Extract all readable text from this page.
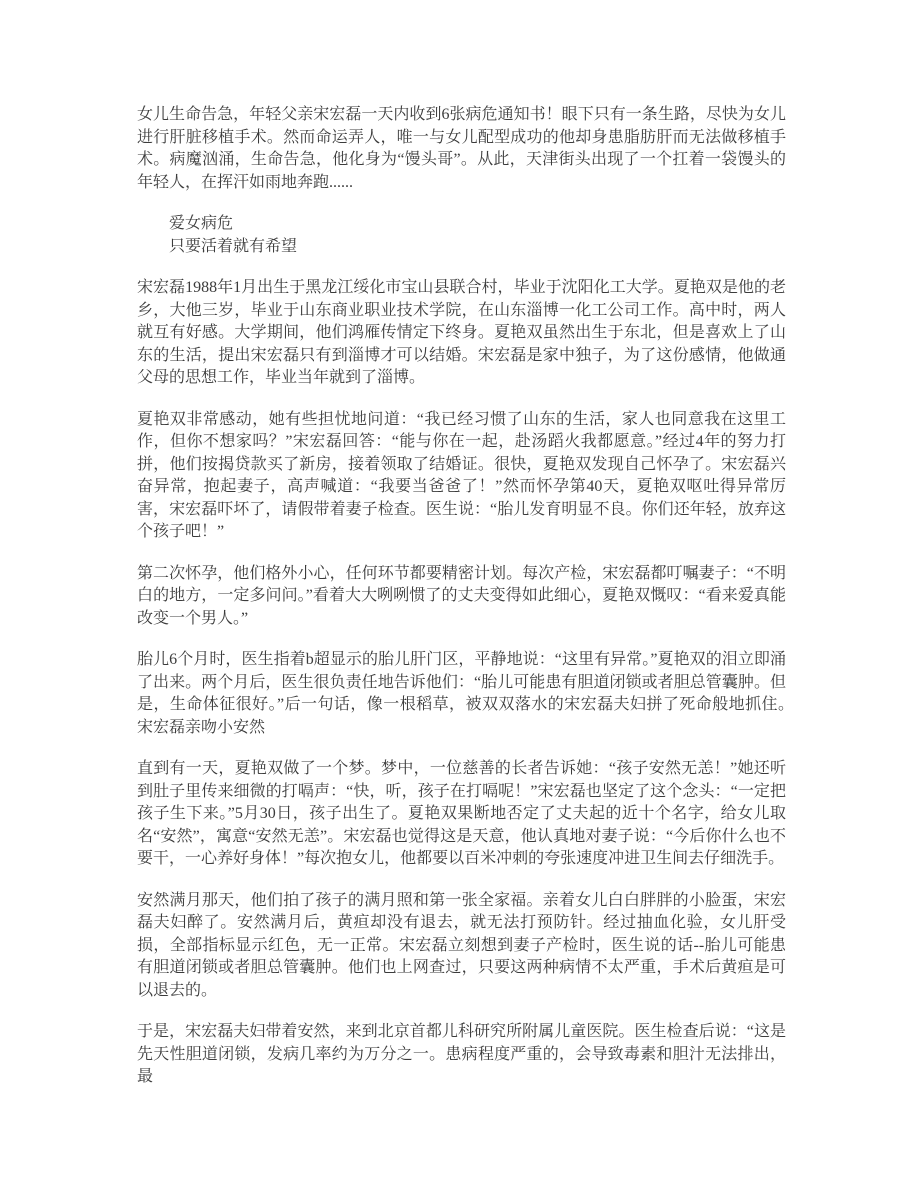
女儿生命告急，年轻父亲宋宏磊一天内收到6张病危通知书！眼下只有一条生路，尽快为女儿进行肝脏移植手术。然而命运弄人，唯一与女儿配型成功的他却身患脂肪肝而无法做移植手术。病魔汹涌，生命告急，他化身为“馒头哥”。从此，天津街头出现了一个扛着一袋馒头的年轻人，在挥汗如雨地奔跑......

爱女病危

只要活着就有希望

宋宏磊1988年1月出生于黑龙江绥化市宝山县联合村，毕业于沈阳化工大学。夏艳双是他的老乡，大他三岁，毕业于山东商业职业技术学院，在山东淄博一化工公司工作。高中时，两人就互有好感。大学期间，他们鸿雁传情定下终身。夏艳双虽然出生于东北，但是喜欢上了山东的生活，提出宋宏磊只有到淄博才可以结婚。宋宏磊是家中独子，为了这份感情，他做通父母的思想工作，毕业当年就到了淄博。

夏艳双非常感动，她有些担忧地问道：“我已经习惯了山东的生活，家人也同意我在这里工作，但你不想家吗？”宋宏磊回答：“能与你在一起，赴汤蹈火我都愿意。”经过4年的努力打拼，他们按揭贷款买了新房，接着领取了结婚证。很快，夏艳双发现自己怀孕了。宋宏磊兴奋异常，抱起妻子，高声喊道：“我要当爸爸了！”然而怀孕第40天，夏艳双呕吐得异常厉害，宋宏磊吓坏了，请假带着妻子检查。医生说：“胎儿发育明显不良。你们还年轻，放弃这个孩子吧！”

第二次怀孕，他们格外小心，任何环节都要精密计划。每次产检，宋宏磊都叮嘱妻子：“不明白的地方，一定多问问。”看着大大咧咧惯了的丈夫变得如此细心，夏艳双慨叹：“看来爱真能改变一个男人。”

胎儿6个月时，医生指着b超显示的胎儿肝门区，平静地说：“这里有异常。”夏艳双的泪立即涌了出来。两个月后，医生很负责任地告诉他们：“胎儿可能患有胆道闭锁或者胆总管囊肿。但是，生命体征很好。”后一句话，像一根稻草，被双双落水的宋宏磊夫妇拼了死命般地抓住。　宋宏磊亲吻小安然

直到有一天，夏艳双做了一个梦。梦中，一位慈善的长者告诉她：“孩子安然无恙！”她还听到肚子里传来细微的打嗝声：“快，听，孩子在打嗝呢！”宋宏磊也坚定了这个念头：“一定把孩子生下来。”5月30日，孩子出生了。夏艳双果断地否定了丈夫起的近十个名字，给女儿取名“安然”，寓意“安然无恙”。宋宏磊也觉得这是天意，他认真地对妻子说：“今后你什么也不要干，一心养好身体！”每次抱女儿，他都要以百米冲刺的夸张速度冲进卫生间去仔细洗手。

安然满月那天，他们拍了孩子的满月照和第一张全家福。亲着女儿白白胖胖的小脸蛋，宋宏磊夫妇醉了。安然满月后，黄疸却没有退去，就无法打预防针。经过抽血化验，女儿肝受损，全部指标显示红色，无一正常。宋宏磊立刻想到妻子产检时，医生说的话--胎儿可能患有胆道闭锁或者胆总管囊肿。他们也上网查过，只要这两种病情不太严重，手术后黄疸是可以退去的。

于是，宋宏磊夫妇带着安然，来到北京首都儿科研究所附属儿童医院。医生检查后说：“这是先天性胆道闭锁，发病几率约为万分之一。患病程度严重的，会导致毒素和胆汁无法排出，最
